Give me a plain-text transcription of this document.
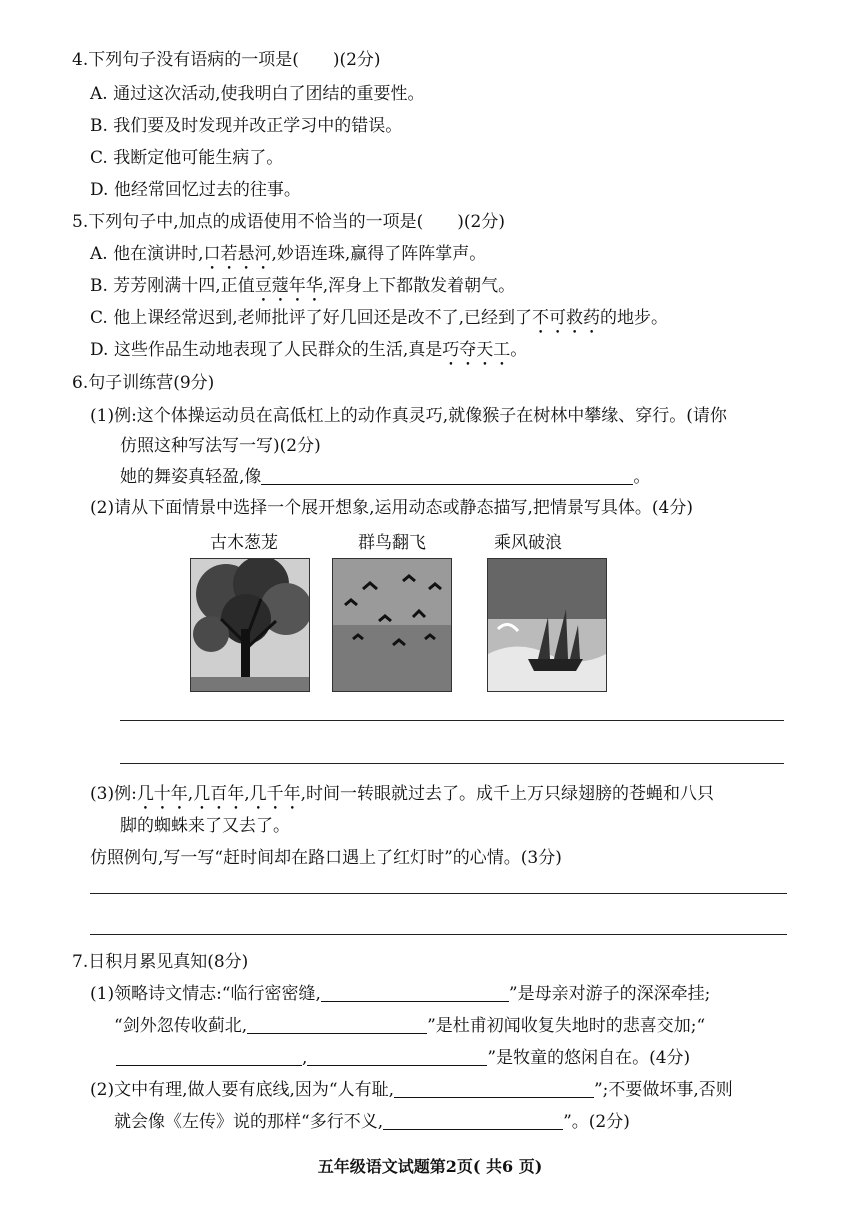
4.下列句子没有语病的一项是(　　)(2分)
A. 通过这次活动,使我明白了团结的重要性。
B. 我们要及时发现并改正学习中的错误。
C. 我断定他可能生病了。
D. 他经常回忆过去的往事。
5.下列句子中,加点的成语使用不恰当的一项是(　　)(2分)
A. 他在演讲时,口若悬河,妙语连珠,赢得了阵阵掌声。
B. 芳芳刚满十四,正值豆蔻年华,浑身上下都散发着朝气。
C. 他上课经常迟到,老师批评了好几回还是改不了,已经到了不可救药的地步。
D. 这些作品生动地表现了人民群众的生活,真是巧夺天工。
6.句子训练营(9分)
(1)例:这个体操运动员在高低杠上的动作真灵巧,就像猴子在树林中攀缘、穿行。(请你
仿照这种写法写一写)(2分)
她的舞姿真轻盈,像	。
(2)请从下面情景中选择一个展开想象,运用动态或静态描写,把情景写具体。(4分)
古木葱茏	群鸟翻飞	乘风破浪
(3)例:几十年,几百年,几千年,时间一转眼就过去了。成千上万只绿翅膀的苍蝇和八只
脚的蜘蛛来了又去了。
仿照例句,写一写“赶时间却在路口遇上了红灯时”的心情。(3分)
7.日积月累见真知(8分)
(1)领略诗文情志:“临行密密缝,	”是母亲对游子的深深牵挂;
“剑外忽传收蓟北,	”是杜甫初闻收复失地时的悲喜交加;“
,	”是牧童的悠闲自在。(4分)
(2)文中有理,做人要有底线,因为“人有耻,	”;不要做坏事,否则
就会像《左传》说的那样“多行不义,	”。(2分)
五年级语文试题第2页( 共6 页)
